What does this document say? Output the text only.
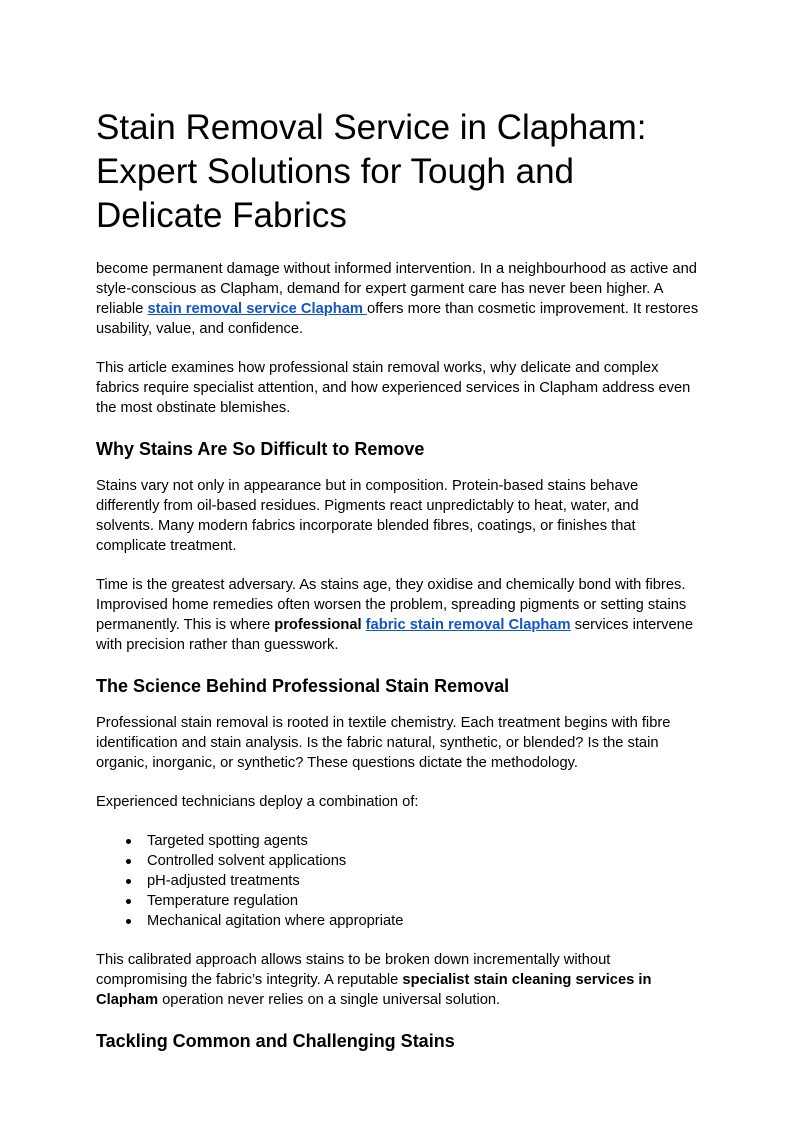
Stain Removal Service in Clapham: Expert Solutions for Tough and Delicate Fabrics

become permanent damage without informed intervention. In a neighbourhood as active and style-conscious as Clapham, demand for expert garment care has never been higher. A reliable stain removal service Clapham offers more than cosmetic improvement. It restores usability, value, and confidence.

This article examines how professional stain removal works, why delicate and complex fabrics require specialist attention, and how experienced services in Clapham address even the most obstinate blemishes.

Why Stains Are So Difficult to Remove

Stains vary not only in appearance but in composition. Protein-based stains behave differently from oil-based residues. Pigments react unpredictably to heat, water, and solvents. Many modern fabrics incorporate blended fibres, coatings, or finishes that complicate treatment.

Time is the greatest adversary. As stains age, they oxidise and chemically bond with fibres. Improvised home remedies often worsen the problem, spreading pigments or setting stains permanently. This is where professional fabric stain removal Clapham services intervene with precision rather than guesswork.

The Science Behind Professional Stain Removal

Professional stain removal is rooted in textile chemistry. Each treatment begins with fibre identification and stain analysis. Is the fabric natural, synthetic, or blended? Is the stain organic, inorganic, or synthetic? These questions dictate the methodology.

Experienced technicians deploy a combination of:

Targeted spotting agents
Controlled solvent applications
pH-adjusted treatments
Temperature regulation
Mechanical agitation where appropriate

This calibrated approach allows stains to be broken down incrementally without compromising the fabric’s integrity. A reputable specialist stain cleaning services in Clapham operation never relies on a single universal solution.

Tackling Common and Challenging Stains
